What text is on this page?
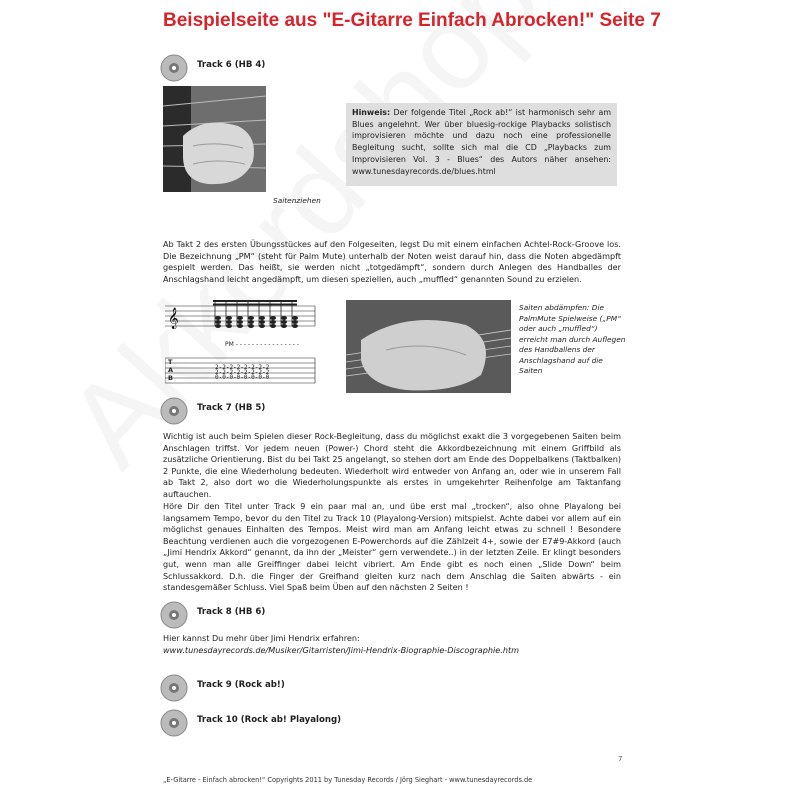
Beispielseite aus "E-Gitarre Einfach Abrocken!" Seite 7
Track 6 (HB 4)
Saitenziehen
Hinweis: Der folgende Titel „Rock ab!“ ist harmonisch sehr am Blues angelehnt. Wer über bluesig-rockige Playbacks solistisch improvisieren möchte und dazu noch eine professionelle Begleitung sucht, sollte sich mal die CD „Playbacks zum Improvisieren Vol. 3 - Blues“ des Autors näher ansehen: www.tunesdayrecords.de/blues.html
Ab Takt 2 des ersten Übungsstückes auf den Folgeseiten, legst Du mit einem einfachen Achtel-Rock-Groove los. Die Bezeichnung „PM“ (steht für Palm Mute) unterhalb der Noten weist darauf hin, dass die Noten abgedämpft gespielt werden. Das heißt, sie werden nicht „totgedämpft“, sondern durch Anlegen des Handballes der Anschlagshand leicht angedämpft, um diesen speziellen, auch „muffled“ genannten Sound zu erzielen.
𝄞
PM - - - - - - - - - - - - - - - -
T
A
B
2-2-2-2-2-2-2-2
2-2-2-2-2-2-2-2
0-0-0-0-0-0-0-0
Saiten abdämpfen: Die PalmMute Spielweise („PM“ oder auch „muffled“) erreicht man durch Auflegen des Handballens der Anschlagshand auf die Saiten
Track 7 (HB 5)
Wichtig ist auch beim Spielen dieser Rock-Begleitung, dass du möglichst exakt die 3 vorgegebenen Saiten beim Anschlagen triffst. Vor jedem neuen (Power-) Chord steht die Akkordbezeichnung mit einem Griffbild als zusätzliche Orientierung. Bist du bei Takt 25 angelangt, so stehen dort am Ende des Doppelbalkens (Taktbalken) 2 Punkte, die eine Wiederholung bedeuten. Wiederholt wird entweder von Anfang an, oder wie in unserem Fall ab Takt 2, also dort wo die Wiederholungspunkte als erstes in umgekehrter Reihenfolge am Taktanfang auftauchen.
Höre Dir den Titel unter Track 9 ein paar mal an, und übe erst mal „trocken“, also ohne Playalong bei langsamem Tempo, bevor du den Titel zu Track 10 (Playalong-Version) mitspielst. Achte dabei vor allem auf ein möglichst genaues Einhalten des Tempos. Meist wird man am Anfang leicht etwas zu schnell ! Besondere Beachtung verdienen auch die vorgezogenen E-Powerchords auf die Zählzeit 4+, sowie der E7#9-Akkord (auch „Jimi Hendrix Akkord“ genannt, da ihn der „Meister“ gern verwendete..) in der letzten Zeile. Er klingt besonders gut, wenn man alle Greiffinger dabei leicht vibriert. Am Ende gibt es noch einen „Slide Down“ beim Schlussakkord. D.h. die Finger der Greifhand gleiten kurz nach dem Anschlag die Saiten abwärts - ein standesgemäßer Schluss. Viel Spaß beim Üben auf den nächsten 2 Seiten !
Track 8 (HB 6)
Hier kannst Du mehr über Jimi Hendrix erfahren:
www.tunesdayrecords.de/Musiker/Gitarristen/Jimi-Hendrix-Biographie-Discographie.htm
Track 9 (Rock ab!)
Track 10 (Rock ab! Playalong)
7
„E-Gitarre - Einfach abrocken!“ Copyrights 2011 by Tunesday Records / Jörg Sieghart - www.tunesdayrecords.de
